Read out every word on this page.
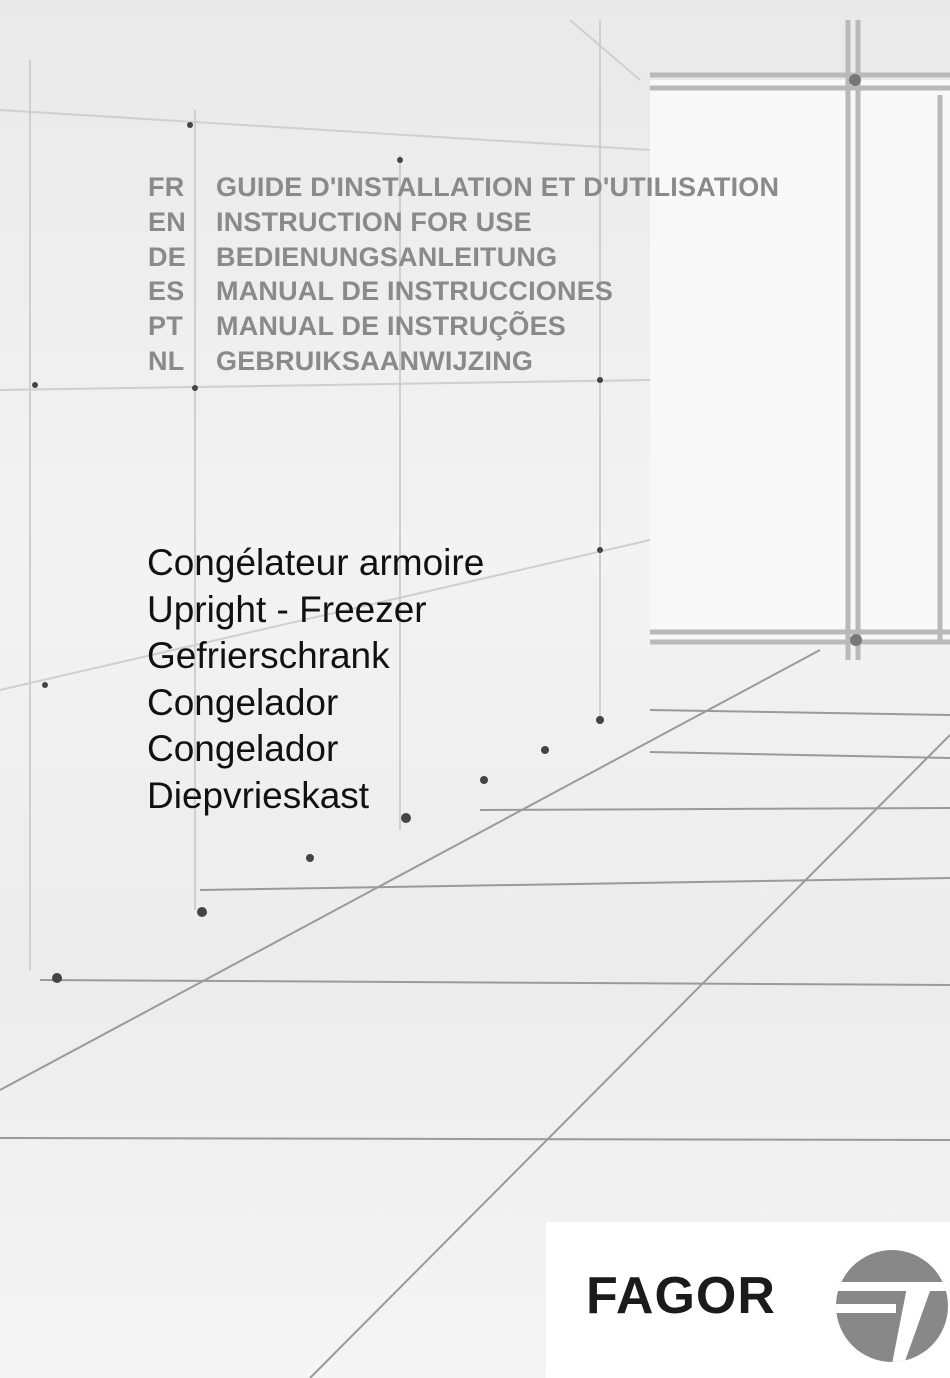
FR	GUIDE D'INSTALLATION ET D'UTILISATION
EN	INSTRUCTION FOR USE
DE	BEDIENUNGSANLEITUNG
ES	MANUAL DE INSTRUCCIONES
PT	MANUAL DE INSTRUÇÕES
NL	GEBRUIKSAANWIJZING
Congélateur armoire
Upright - Freezer
Gefrierschrank
Congelador
Congelador
Diepvrieskast
FAGOR
